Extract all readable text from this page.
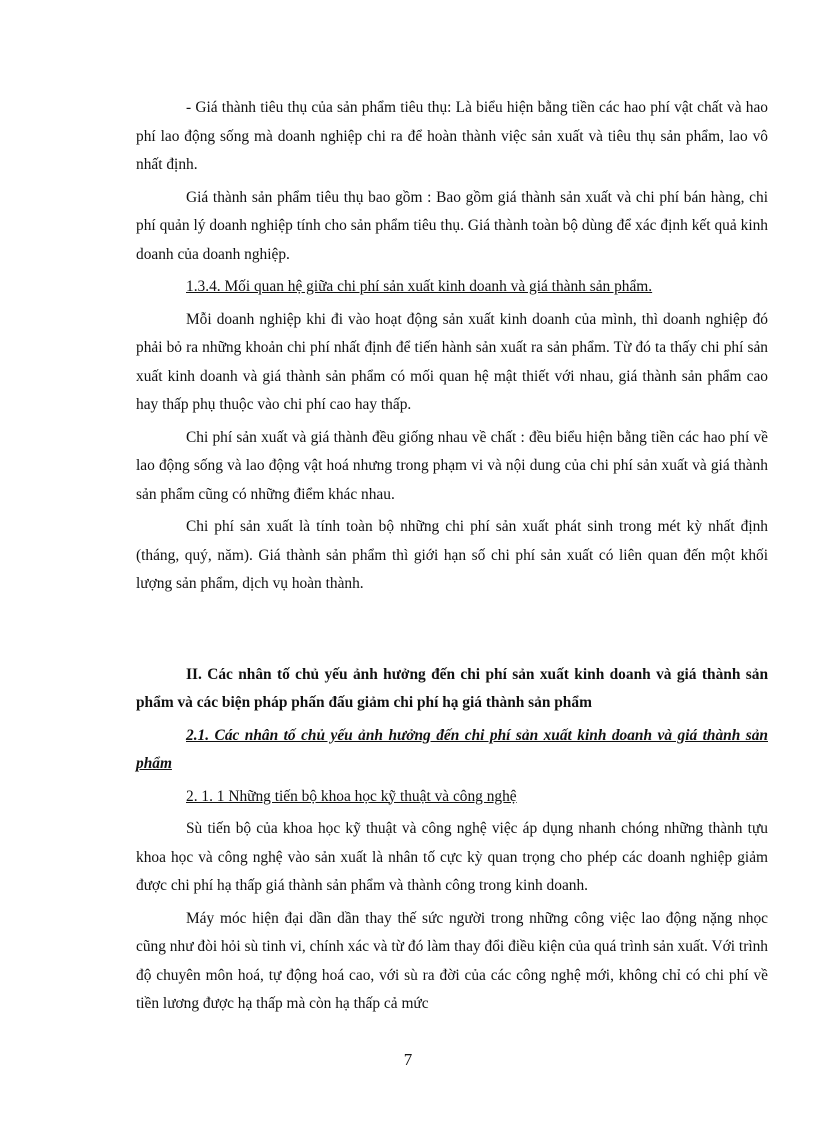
- Giá thành tiêu thụ của sản phẩm tiêu thụ: Là biểu hiện bằng tiền các hao phí vật chất và hao phí lao động sống mà doanh nghiệp chi ra để hoàn thành việc sản xuất và tiêu thụ sản phẩm, lao vô nhất định.

Giá thành sản phẩm tiêu thụ bao gồm : Bao gồm giá thành sản xuất và chi phí bán hàng, chi phí quản lý doanh nghiệp tính cho sản phẩm tiêu thụ. Giá thành toàn bộ dùng để xác định kết quả kinh doanh của doanh nghiệp.

1.3.4. Mối quan hệ giữa chi phí sản xuất kinh doanh và giá thành sản phẩm.

Mỗi doanh nghiệp khi đi vào hoạt động sản xuất kinh doanh của mình, thì doanh nghiệp đó phải bỏ ra những khoản chi phí nhất định để tiến hành sản xuất ra sản phẩm. Từ đó ta thấy chi phí sản xuất kinh doanh và giá thành sản phẩm có mối quan hệ mật thiết với nhau, giá thành sản phẩm cao hay thấp phụ thuộc vào chi phí cao hay thấp.

Chi phí sản xuất và giá thành đều giống nhau về chất : đều biểu hiện bằng tiền các hao phí về lao động sống và lao động vật hoá nhưng trong phạm vi và nội dung của chi phí sản xuất và giá thành sản phẩm cũng có những điểm khác nhau.

Chi phí sản xuất là tính toàn bộ những chi phí sản xuất phát sinh trong mét kỳ nhất định (tháng, quý, năm). Giá thành sản phẩm thì giới hạn số chi phí sản xuất có liên quan đến một khối lượng sản phẩm, dịch vụ hoàn thành.

II. Các nhân tố chủ yếu ảnh hưởng đến chi phí sản xuất kinh doanh và giá thành sản phẩm và các biện pháp phấn đấu giảm chi phí hạ giá thành sản phẩm

2.1. Các nhân tố chủ yếu ảnh hưởng đến chi phí sản xuất kinh doanh và giá thành sản phẩm

2. 1. 1 Những tiến bộ khoa học kỹ thuật và công nghệ

Sù tiến bộ của khoa học kỹ thuật và công nghệ việc áp dụng nhanh chóng những thành tựu khoa học và công nghệ vào sản xuất là nhân tố cực kỳ quan trọng cho phép các doanh nghiệp giảm được chi phí hạ thấp giá thành sản phẩm và thành công trong kinh doanh.

Máy móc hiện đại dần dần thay thế sức người trong những công việc lao động nặng nhọc cũng như đòi hỏi sù tinh vi, chính xác và từ đó làm thay đổi điều kiện của quá trình sản xuất. Với trình độ chuyên môn hoá, tự động hoá cao, với sù ra đời của các công nghệ mới, không chỉ có chi phí về tiền lương được hạ thấp mà còn hạ thấp cả mức

7
